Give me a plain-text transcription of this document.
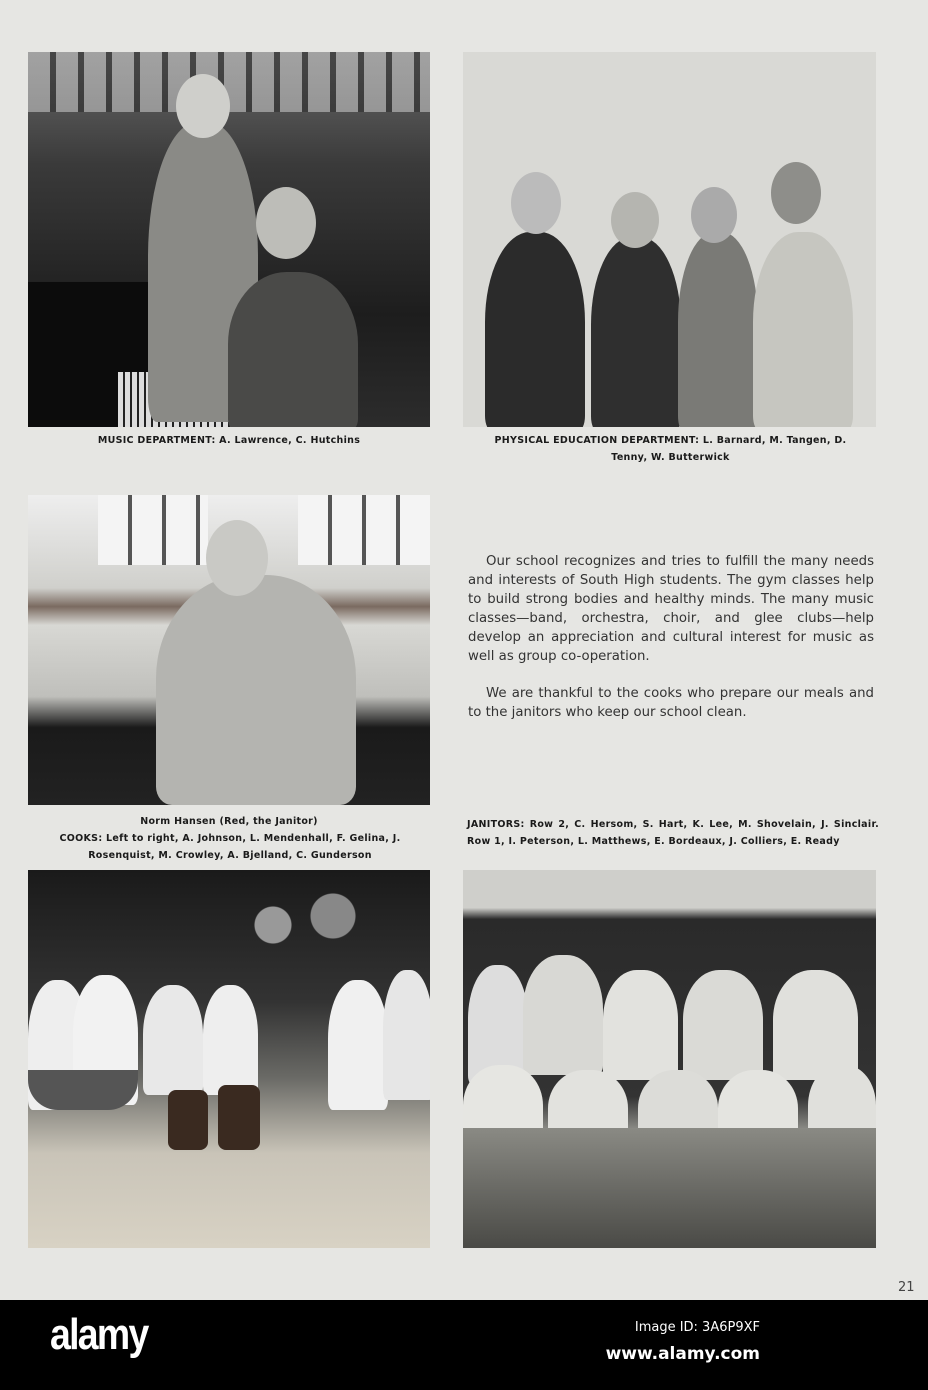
MUSIC DEPARTMENT: A. Lawrence, C. Hutchins	PHYSICAL EDUCATION DEPARTMENT: L. Barnard, M. Tangen, D. Tenny, W. Butterwick
Norm Hansen (Red, the Janitor)
COOKS: Left to right, A. Johnson, L. Mendenhall, F. Gelina, J. Rosenquist, M. Crowley, A. Bjelland, C. Gunderson

Our school recognizes and tries to fulfill the many needs and interests of South High students. The gym classes help to build strong bodies and healthy minds. The many music classes—band, orchestra, choir, and glee clubs—help develop an appreciation and cultural interest for music as well as group co-operation.

We are thankful to the cooks who prepare our meals and to the janitors who keep our school clean.

JANITORS: Row 2, C. Hersom, S. Hart, K. Lee, M. Shovelain, J. Sinclair. Row 1, I. Peterson, L. Matthews, E. Bordeaux, J. Colliers, E. Ready
21
alamy	Image ID: 3A6P9XF
www.alamy.com
